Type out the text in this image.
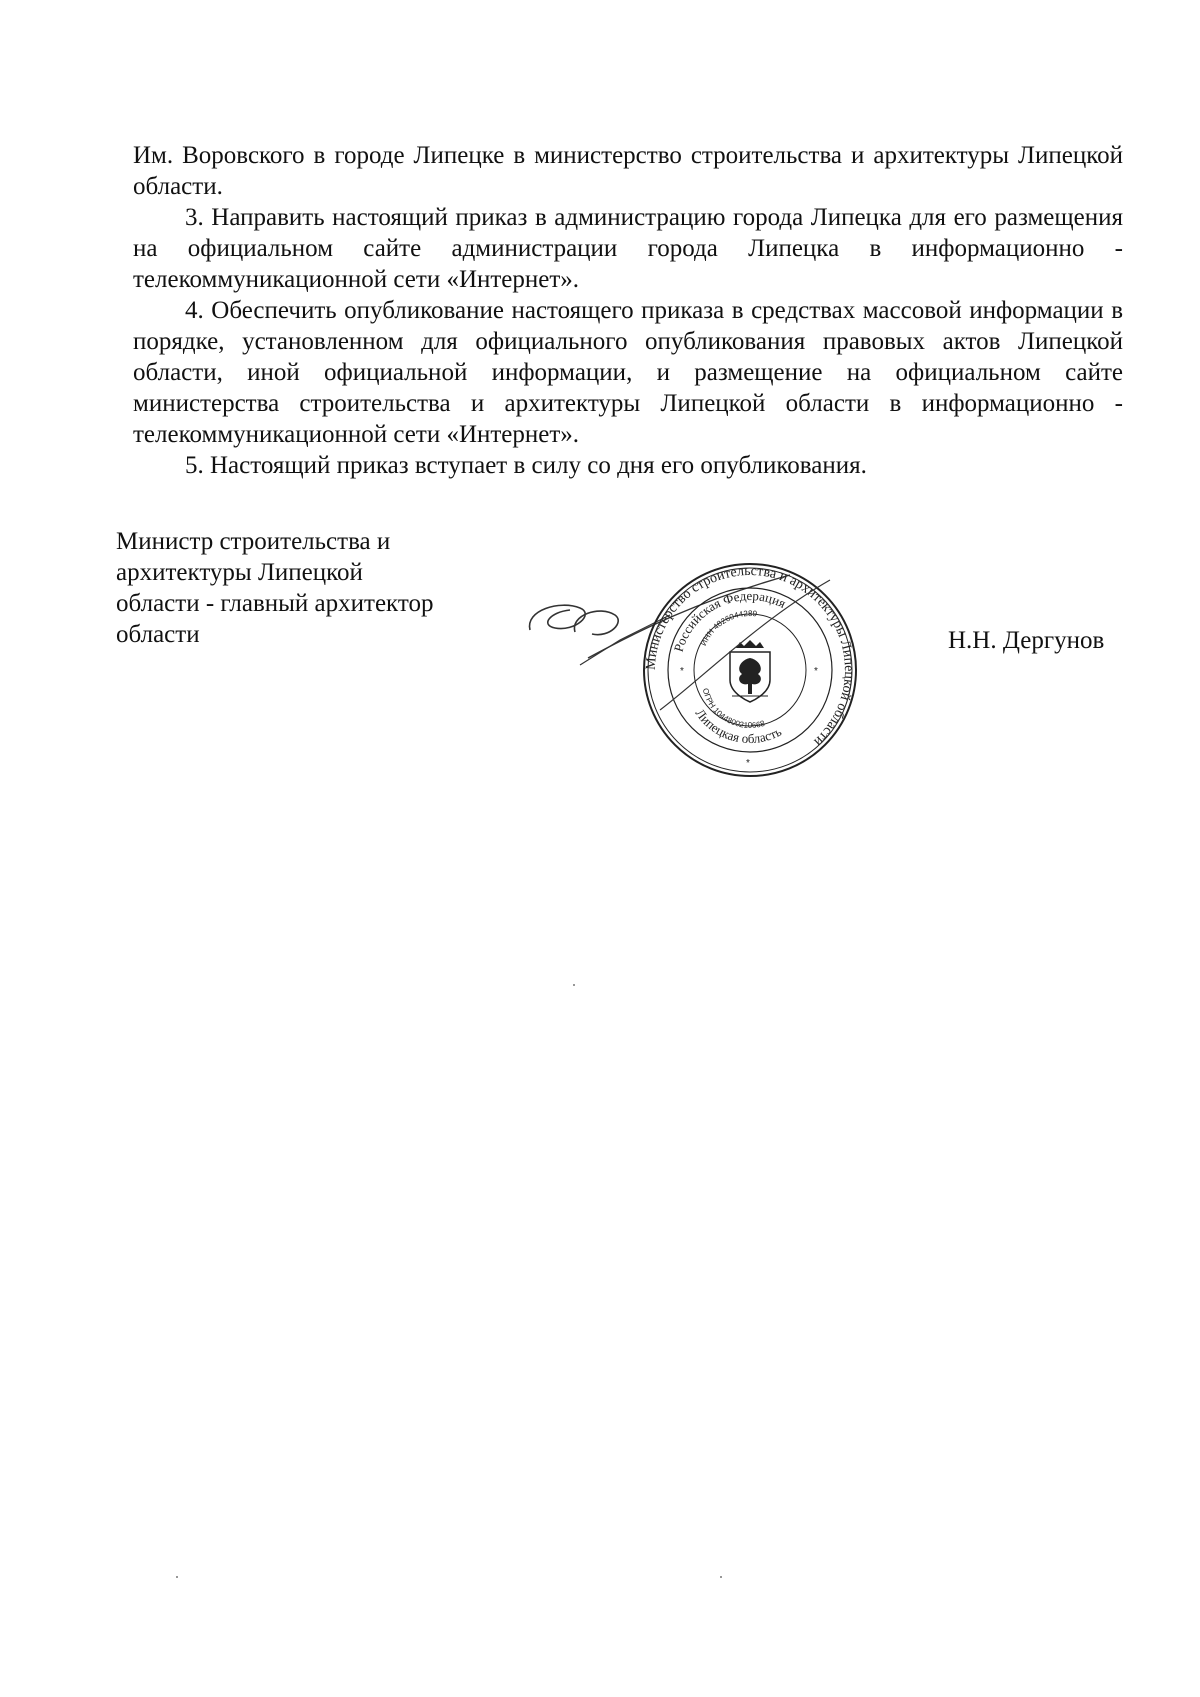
Им. Воровского в городе Липецке в министерство строительства и архитектуры Липецкой области.

3. Направить настоящий приказ в администрацию города Липецка для его размещения на официальном сайте администрации города Липецка в информационно - телекоммуникационной сети «Интернет».

4. Обеспечить опубликование настоящего приказа в средствах массовой информации в порядке, установленном для официального опубликования правовых актов Липецкой области, иной официальной информации, и размещение на официальном сайте министерства строительства и архитектуры Липецкой области в информационно - телекоммуникационной сети «Интернет».

5. Настоящий приказ вступает в силу со дня его опубликования.

Министр строительства и
архитектуры Липецкой
области - главный архитектор
области
Министерство строительства и архитектуры Липецкой области
Российская Федерация
Липецкая область
ИНН 4826044289
ОГРН 1044800210668
*	*
*
Н.Н. Дергунов
